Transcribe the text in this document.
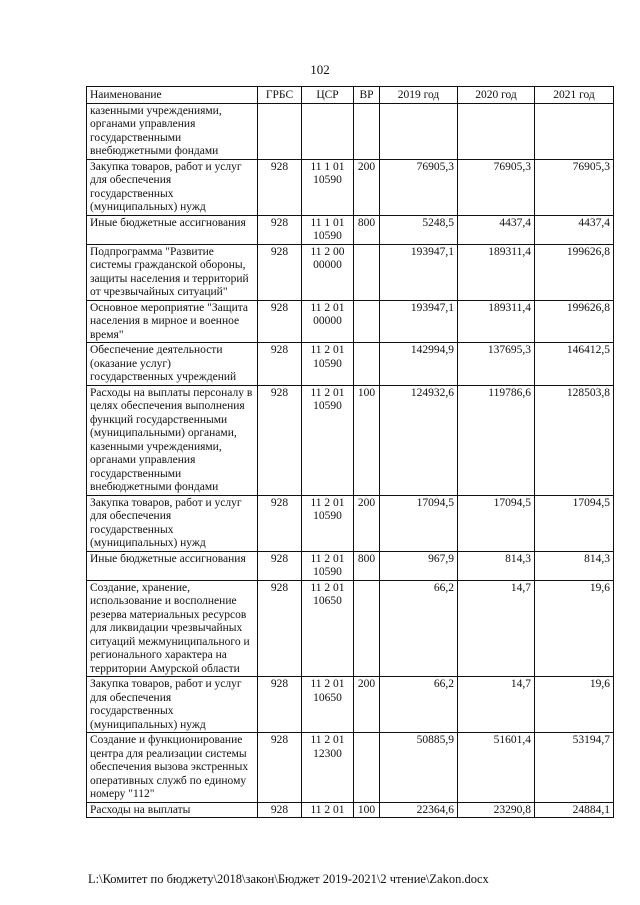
102
Наименование	ГРБС	ЦСР	ВР	2019 год	2020 год	2021 год
казенными учреждениями, органами управления государственными внебюджетными фондами						
Закупка товаров, работ и услуг для обеспечения государственных (муниципальных) нужд	928	11 1 01 10590	200	76905,3	76905,3	76905,3
Иные бюджетные ассигнования	928	11 1 01 10590	800	5248,5	4437,4	4437,4
Подпрограмма "Развитие системы гражданской обороны, защиты населения и территорий от чрезвычайных ситуаций"	928	11 2 00 00000		193947,1	189311,4	199626,8
Основное мероприятие "Защита населения в мирное и военное время"	928	11 2 01 00000		193947,1	189311,4	199626,8
Обеспечение деятельности (оказание услуг) государственных учреждений	928	11 2 01 10590		142994,9	137695,3	146412,5
Расходы на выплаты персоналу в целях обеспечения выполнения функций государственными (муниципальными) органами, казенными учреждениями, органами управления государственными внебюджетными фондами	928	11 2 01 10590	100	124932,6	119786,6	128503,8
Закупка товаров, работ и услуг для обеспечения государственных (муниципальных) нужд	928	11 2 01 10590	200	17094,5	17094,5	17094,5
Иные бюджетные ассигнования	928	11 2 01 10590	800	967,9	814,3	814,3
Создание, хранение, использование и восполнение резерва материальных ресурсов для ликвидации чрезвычайных ситуаций межмуниципального и регионального характера на территории Амурской области	928	11 2 01 10650		66,2	14,7	19,6
Закупка товаров, работ и услуг для обеспечения государственных (муниципальных) нужд	928	11 2 01 10650	200	66,2	14,7	19,6
Создание и функционирование центра для реализации системы обеспечения вызова экстренных оперативных служб по единому номеру "112"	928	11 2 01 12300		50885,9	51601,4	53194,7
Расходы на выплаты	928	11 2 01	100	22364,6	23290,8	24884,1
L:\Комитет по бюджету\2018\закон\Бюджет 2019-2021\2 чтение\Zakon.docx
